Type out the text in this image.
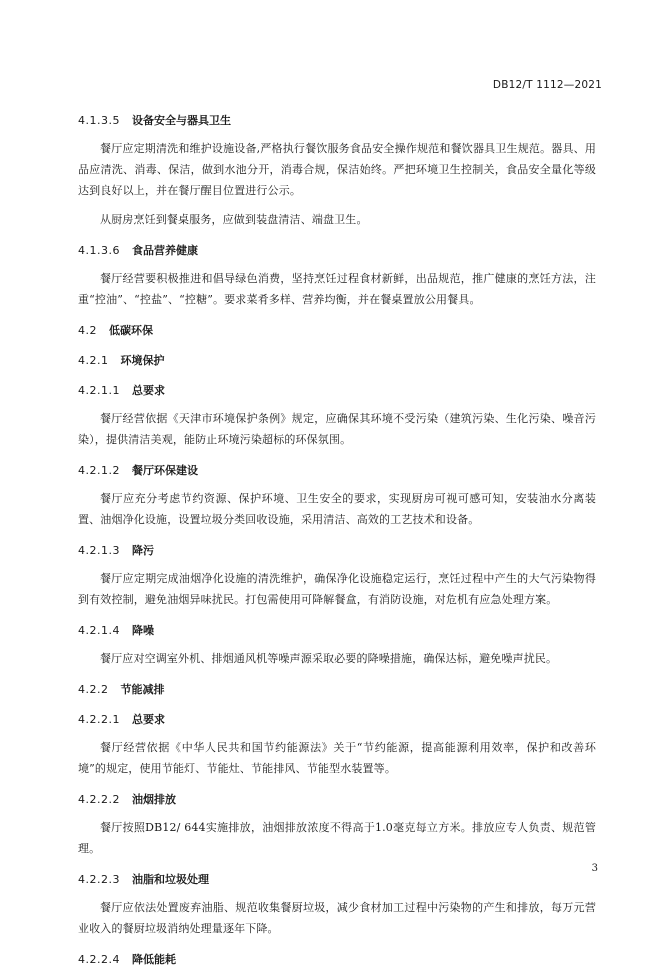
DB12/T 1112—2021
4.1.3.5 设备安全与器具卫生
餐厅应定期清洗和维护设施设备,严格执行餐饮服务食品安全操作规范和餐饮器具卫生规范。器具、用品应清洗、消毒、保洁，做到水池分开，消毒合规，保洁始终。严把环境卫生控制关，食品安全量化等级达到良好以上，并在餐厅醒目位置进行公示。
从厨房烹饪到餐桌服务，应做到装盘清洁、端盘卫生。
4.1.3.6 食品营养健康
餐厅经营要积极推进和倡导绿色消费，坚持烹饪过程食材新鲜，出品规范，推广健康的烹饪方法，注重“控油”、“控盐”、“控糖”。要求菜肴多样、营养均衡，并在餐桌置放公用餐具。
4.2 低碳环保
4.2.1 环境保护
4.2.1.1 总要求
餐厅经营依据《天津市环境保护条例》规定，应确保其环境不受污染（建筑污染、生化污染、噪音污染），提供清洁美观，能防止环境污染超标的环保氛围。
4.2.1.2 餐厅环保建设
餐厅应充分考虑节约资源、保护环境、卫生安全的要求，实现厨房可视可感可知，安装油水分离装置、油烟净化设施，设置垃圾分类回收设施，采用清洁、高效的工艺技术和设备。
4.2.1.3 降污
餐厅应定期完成油烟净化设施的清洗维护，确保净化设施稳定运行，烹饪过程中产生的大气污染物得到有效控制，避免油烟异味扰民。打包需使用可降解餐盒，有消防设施，对危机有应急处理方案。
4.2.1.4 降噪
餐厅应对空调室外机、排烟通风机等噪声源采取必要的降噪措施，确保达标，避免噪声扰民。
4.2.2 节能减排
4.2.2.1 总要求
餐厅经营依据《中华人民共和国节约能源法》关于“节约能源，提高能源利用效率，保护和改善环境”的规定，使用节能灯、节能灶、节能排风、节能型水装置等。
4.2.2.2 油烟排放
餐厅按照DB12/ 644实施排放，油烟排放浓度不得高于1.0毫克每立方米。排放应专人负责、规范管理。
4.2.2.3 油脂和垃圾处理
餐厅应依法处置废弃油脂、规范收集餐厨垃圾，减少食材加工过程中污染物的产生和排放，每万元营业收入的餐厨垃圾消纳处理量逐年下降。
4.2.2.4 降低能耗
3
